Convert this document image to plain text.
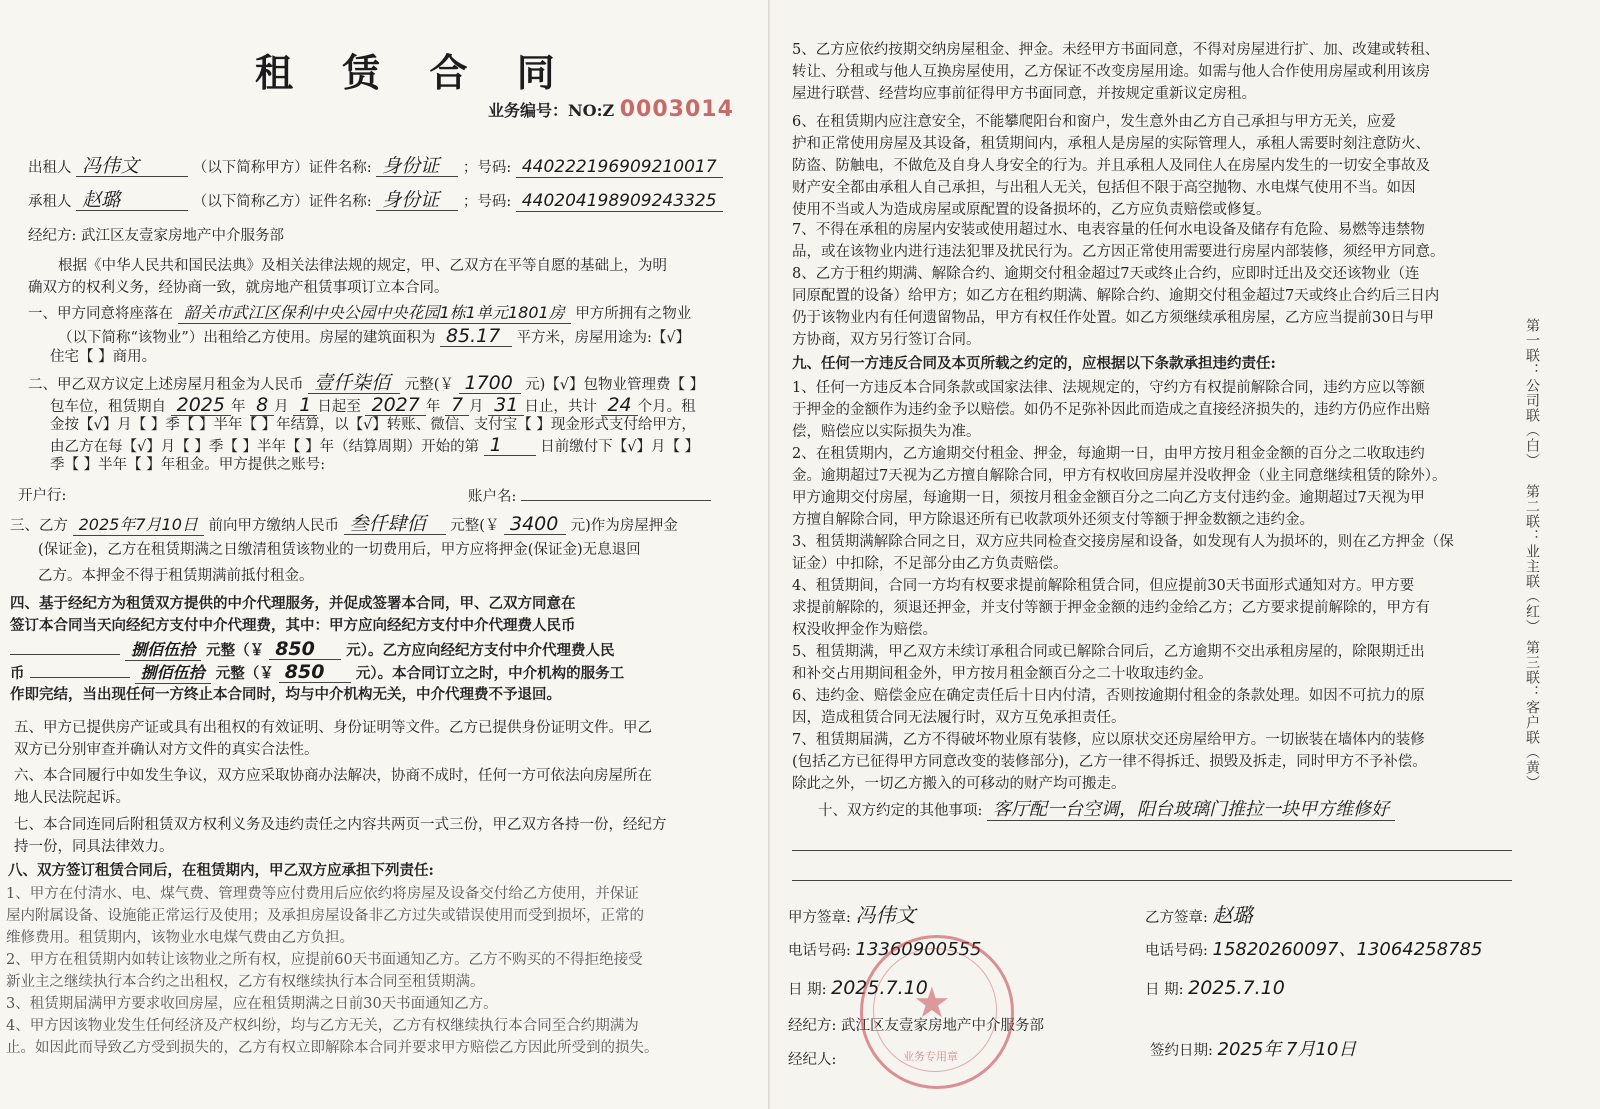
租 赁 合 同
业务编号：NO:Z 0003014
出租人 冯伟文	（以下简称甲方）证件名称: 身份证 ；号码: 440222196909210017
承租人 赵璐	（以下简称乙方）证件名称: 身份证 ；号码: 440204198909243325
经纪方: 武江区友壹家房地产中介服务部
根据《中华人民共和国民法典》及相关法律法规的规定，甲、乙双方在平等自愿的基础上，为明
确双方的权利义务，经协商一致，就房地产租赁事项订立本合同。
一、甲方同意将座落在 韶关市武江区保利中央公园中央花园1栋1单元1801房 甲方所拥有之物业
（以下简称“该物业”）出租给乙方使用。房屋的建筑面积为 85.17 平方米，房屋用途为:【√】
住宅【 】商用。
二、甲乙双方议定上述房屋月租金为人民币 壹仟柒佰 元整(￥ 1700 元)【√】包物业管理费【 】
包车位，租赁期自 2025 年 8 月 1 日起至 2027 年 7 月 31 日止，共计 24 个月。租
金按【√】月【 】季【 】半年【 】年结算，以【√】转账、微信、支付宝【 】现金形式支付给甲方，
由乙方在每【√】月【 】季【 】半年【 】年（结算周期）开始的第 1	日前缴付下【√】月【 】
季【 】半年【 】年租金。甲方提供之账号:
开户行:	账户名:
三、乙方 2025年7月10日 前向甲方缴纳人民币 叁仟肆佰 元整(￥ 3400 元)作为房屋押金
(保证金)，乙方在租赁期满之日缴清租赁该物业的一切费用后，甲方应将押金(保证金)无息退回
乙方。本押金不得于租赁期满前抵付租金。
四、基于经纪方为租赁双方提供的中介代理服务，并促成签署本合同，甲、乙双方同意在
签订本合同当天向经纪方支付中介代理费，其中：甲方应向经纪方支付中介代理费人民币
捌佰伍拾 元整（￥ 850 元）。乙方应向经纪方支付中介代理费人民
币	捌佰伍拾 元整（￥ 850 元）。本合同订立之时，中介机构的服务工
作即完结，当出现任何一方终止本合同时，均与中介机构无关，中介代理费不予退回。
五、甲方已提供房产证或具有出租权的有效证明、身份证明等文件。乙方已提供身份证明文件。甲乙
双方已分别审查并确认对方文件的真实合法性。
六、本合同履行中如发生争议，双方应采取协商办法解决，协商不成时，任何一方可依法向房屋所在
地人民法院起诉。
七、本合同连同后附租赁双方权利义务及违约责任之内容共两页一式三份，甲乙双方各持一份，经纪方
持一份，同具法律效力。
八、双方签订租赁合同后，在租赁期内，甲乙双方应承担下列责任:
1、甲方在付清水、电、煤气费、管理费等应付费用后应依约将房屋及设备交付给乙方使用，并保证
屋内附属设备、设施能正常运行及使用；及承担房屋设备非乙方过失或错误使用而受到损坏，正常的
维修费用。租赁期内，该物业水电煤气费由乙方负担。
2、甲方在租赁期内如转让该物业之所有权，应提前60天书面通知乙方。乙方不购买的不得拒绝接受
新业主之继续执行本合约之出租权，乙方有权继续执行本合同至租赁期满。
3、租赁期届满甲方要求收回房屋，应在租赁期满之日前30天书面通知乙方。
4、甲方因该物业发生任何经济及产权纠纷，均与乙方无关，乙方有权继续执行本合同至合约期满为
止。如因此而导致乙方受到损失的，乙方有权立即解除本合同并要求甲方赔偿乙方因此所受到的损失。
5、乙方应依约按期交纳房屋租金、押金。未经甲方书面同意，不得对房屋进行扩、加、改建或转租、
转让、分租或与他人互换房屋使用，乙方保证不改变房屋用途。如需与他人合作使用房屋或利用该房
屋进行联营、经营均应事前征得甲方书面同意，并按规定重新议定房租。
6、在租赁期内应注意安全，不能攀爬阳台和窗户，发生意外由乙方自己承担与甲方无关，应爱
护和正常使用房屋及其设备，租赁期间内，承租人是房屋的实际管理人，承租人需要时刻注意防火、
防盗、防触电，不做危及自身人身安全的行为。并且承租人及同住人在房屋内发生的一切安全事故及
财产安全都由承租人自己承担，与出租人无关，包括但不限于高空抛物、水电煤气使用不当。如因
使用不当或人为造成房屋或原配置的设备损坏的，乙方应负责赔偿或修复。
7、不得在承租的房屋内安装或使用超过水、电表容量的任何水电设备及储存有危险、易燃等违禁物
品，或在该物业内进行违法犯罪及扰民行为。乙方因正常使用需要进行房屋内部装修，须经甲方同意。
8、乙方于租约期满、解除合约、逾期交付租金超过7天或终止合约，应即时迁出及交还该物业（连
同原配置的设备）给甲方；如乙方在租约期满、解除合约、逾期交付租金超过7天或终止合约后三日内
仍于该物业内有任何遗留物品，甲方有权任作处置。如乙方须继续承租房屋，乙方应当提前30日与甲
方协商，双方另行签订合同。
九、任何一方违反合同及本页所载之约定的，应根据以下条款承担违约责任:
1、任何一方违反本合同条款或国家法律、法规规定的，守约方有权提前解除合同，违约方应以等额
于押金的金额作为违约金予以赔偿。如仍不足弥补因此而造成之直接经济损失的，违约方仍应作出赔
偿，赔偿应以实际损失为准。
2、在租赁期内，乙方逾期交付租金、押金，每逾期一日，由甲方按月租金金额的百分之二收取违约
金。逾期超过7天视为乙方擅自解除合同，甲方有权收回房屋并没收押金（业主同意继续租赁的除外）。
甲方逾期交付房屋，每逾期一日，须按月租金金额百分之二向乙方支付违约金。逾期超过7天视为甲
方擅自解除合同，甲方除退还所有已收款项外还须支付等额于押金数额之违约金。
3、租赁期满解除合同之日，双方应共同检查交接房屋和设备，如发现有人为损坏的，则在乙方押金（保
证金）中扣除，不足部分由乙方负责赔偿。
4、租赁期间，合同一方均有权要求提前解除租赁合同，但应提前30天书面形式通知对方。甲方要
求提前解除的，须退还押金，并支付等额于押金金额的违约金给乙方；乙方要求提前解除的，甲方有
权没收押金作为赔偿。
5、租赁期满，甲乙双方未续订承租合同或已解除合同后，乙方逾期不交出承租房屋的，除限期迁出
和补交占用期间租金外，甲方按月租金额百分之二十收取违约金。
6、违约金、赔偿金应在确定责任后十日内付清，否则按逾期付租金的条款处理。如因不可抗力的原
因，造成租赁合同无法履行时，双方互免承担责任。
7、租赁期届满，乙方不得破坏物业原有装修，应以原状交还房屋给甲方。一切嵌装在墙体内的装修
(包括乙方已征得甲方同意改变的装修部分)，乙方一律不得拆迁、损毁及拆走，同时甲方不予补偿。
除此之外，一切乙方搬入的可移动的财产均可搬走。
十、双方约定的其他事项: 客厅配一台空调，阳台玻璃门推拉一块甲方维修好
甲方签章: 冯伟文	乙方签章: 赵璐
电话号码: 13360900555	电话号码: 15820260097、13064258785
日 期: 2025.7.10	日 期: 2025.7.10
经纪方: 武江区友壹家房地产中介服务部
经纪人:
签约日期: 2025年 7月10日
第一联：公司联（白）
第二联：业主联（红）
第三联：客户联（黄）
★
业务专用章
